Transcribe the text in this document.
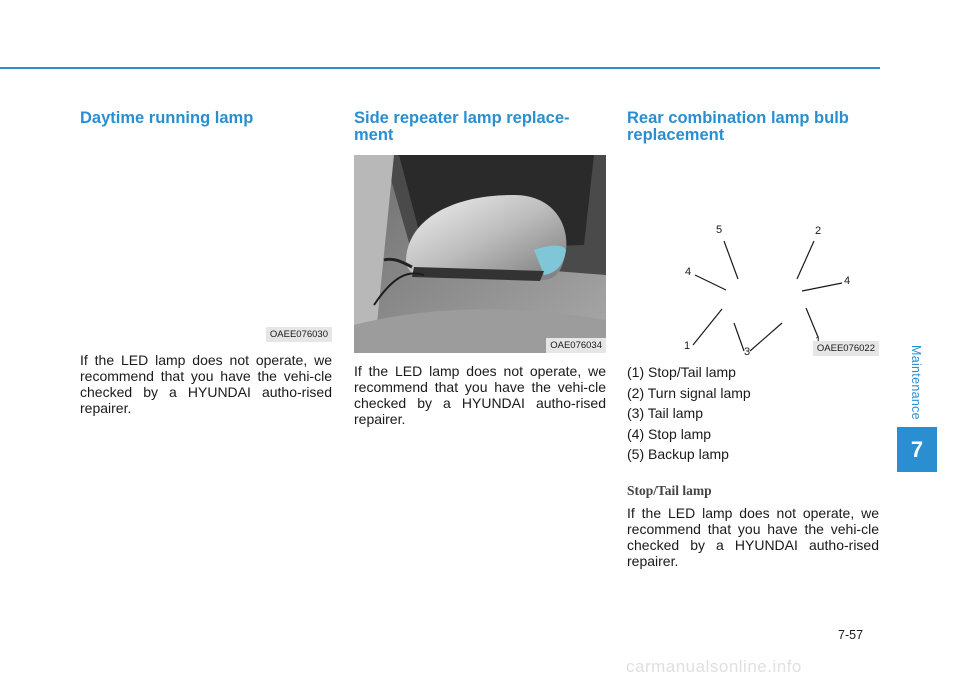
Daytime running lamp
OAEE076030

If the LED lamp does not operate, we recommend that you have the vehi-cle checked by a HYUNDAI autho-rised repairer.

Side repeater lamp replace-
ment
OAE076034

If the LED lamp does not operate, we recommend that you have the vehi-cle checked by a HYUNDAI autho-rised repairer.

Rear combination lamp bulb
replacement
5	2
4
4
1	3	OAEE076022
(1) Stop/Tail lamp
(2) Turn signal lamp
(3) Tail lamp
(4) Stop lamp
(5) Backup lamp
Stop/Tail lamp

If the LED lamp does not operate, we recommend that you have the vehi-cle checked by a HYUNDAI autho-rised repairer.

Maintenance
7
7-57
carmanualsonline.info
